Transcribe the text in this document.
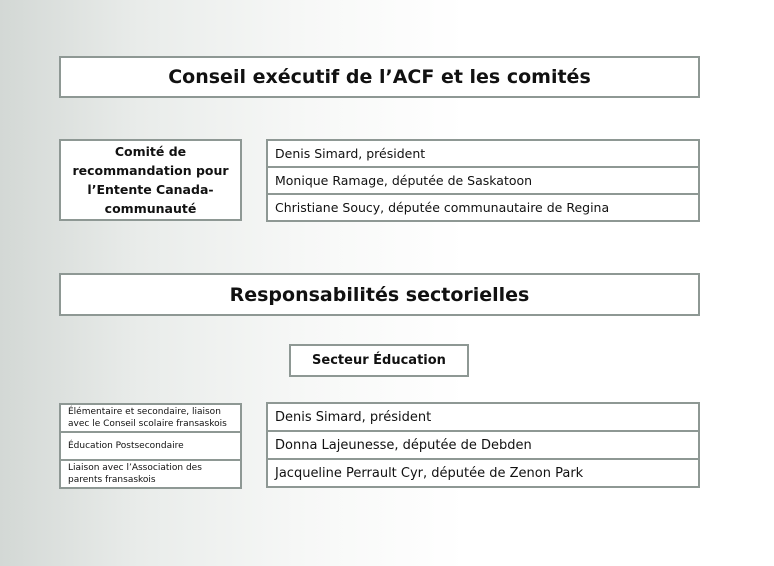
Conseil exécutif de l’ACF et les comités
Comité de recommandation pour l’Entente Canada-communauté
Denis Simard, président
Monique Ramage, députée de Saskatoon
Christiane Soucy, députée communautaire de Regina
Responsabilités sectorielles
Secteur Éducation
Élémentaire et secondaire, liaison avec le Conseil scolaire fransaskois
Éducation Postsecondaire
Liaison avec l’Association des parents fransaskois
Denis Simard, président
Donna Lajeunesse, députée de Debden
Jacqueline Perrault Cyr, députée de Zenon Park
